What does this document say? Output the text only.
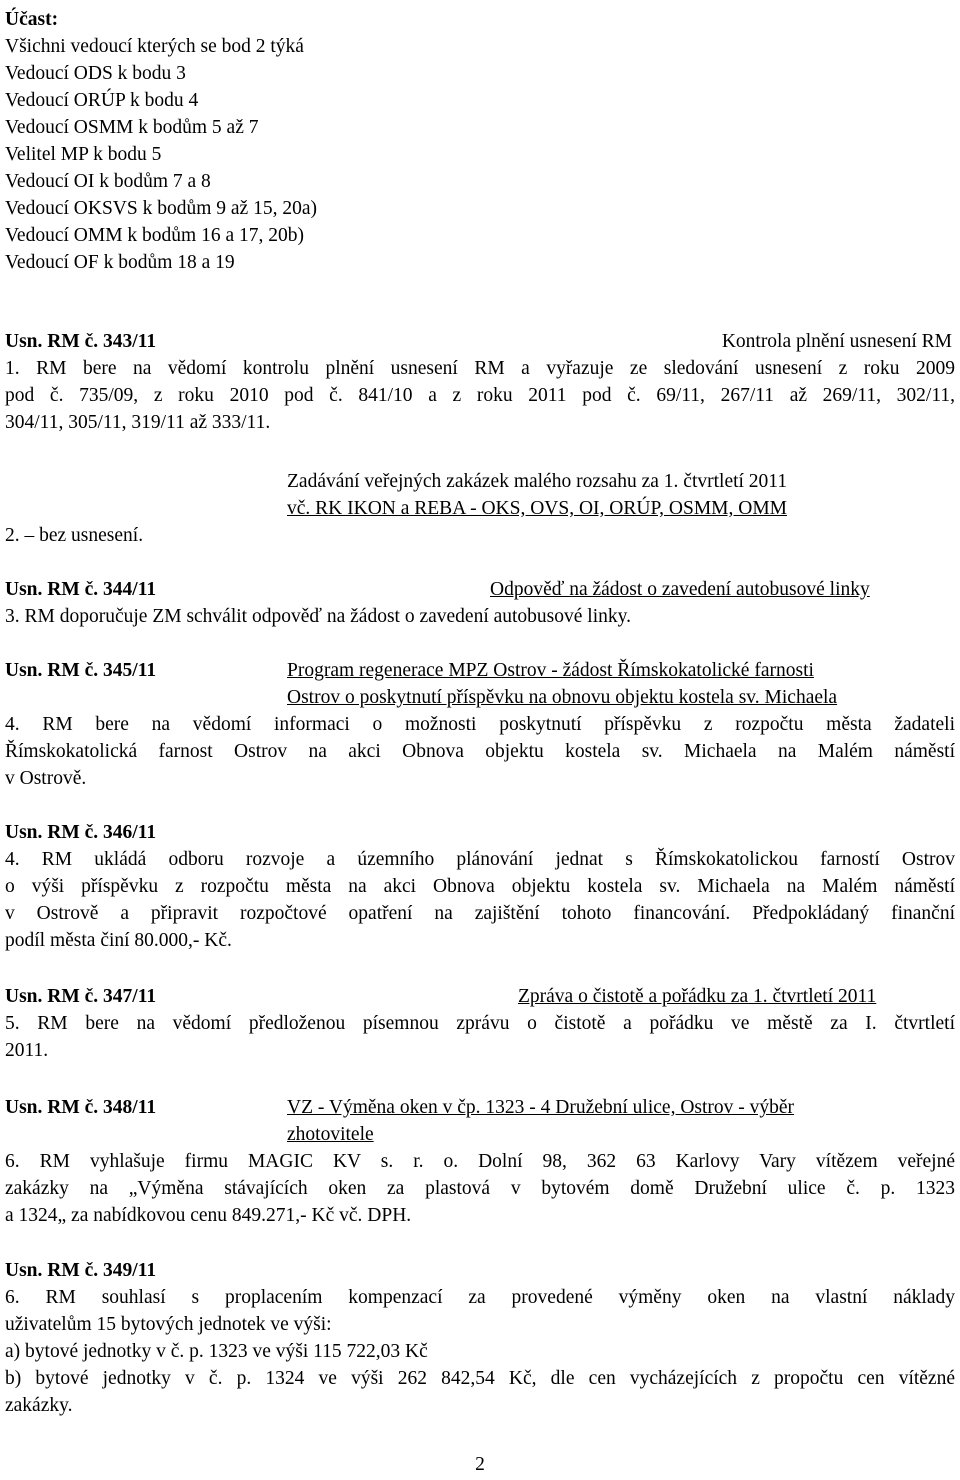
Účast:
Všichni vedoucí kterých se bod 2 týká
Vedoucí ODS k bodu 3
Vedoucí ORÚP k bodu 4
Vedoucí OSMM k bodům 5 až 7
Velitel MP k bodu 5
Vedoucí OI k bodům 7 a 8
Vedoucí OKSVS k bodům 9 až 15, 20a)
Vedoucí OMM k bodům 16 a 17, 20b)
Vedoucí OF k bodům 18 a 19
Usn. RM č. 343/11	Kontrola plnění usnesení RM
1. RM bere na vědomí kontrolu plnění usnesení RM a vyřazuje ze sledování usnesení z roku 2009
pod č. 735/09, z roku 2010 pod č. 841/10 a z roku 2011 pod č. 69/11, 267/11 až 269/11, 302/11,
304/11, 305/11, 319/11 až 333/11.
Zadávání veřejných zakázek malého rozsahu za 1. čtvrtletí 2011
vč. RK IKON a REBA - OKS, OVS, OI, ORÚP, OSMM, OMM
2. – bez usnesení.
Usn. RM č. 344/11	Odpověď na žádost o zavedení autobusové linky
3. RM doporučuje ZM schválit odpověď na žádost o zavedení autobusové linky.
Usn. RM č. 345/11	Program regenerace MPZ Ostrov - žádost Římskokatolické farnosti
Ostrov o poskytnutí příspěvku na obnovu objektu kostela sv. Michaela
4. RM bere na vědomí informaci o možnosti poskytnutí příspěvku z rozpočtu města žadateli
Římskokatolická farnost Ostrov na akci Obnova objektu kostela sv. Michaela na Malém náměstí
v Ostrově.
Usn. RM č. 346/11
4. RM ukládá odboru rozvoje a územního plánování jednat s Římskokatolickou farností Ostrov
o výši příspěvku z rozpočtu města na akci Obnova objektu kostela sv. Michaela na Malém náměstí
v Ostrově a připravit rozpočtové opatření na zajištění tohoto financování. Předpokládaný finanční
podíl města činí 80.000,- Kč.
Usn. RM č. 347/11	Zpráva o čistotě a pořádku za 1. čtvrtletí 2011
5. RM bere na vědomí předloženou písemnou zprávu o čistotě a pořádku ve městě za I. čtvrtletí
2011.
Usn. RM č. 348/11	VZ - Výměna oken v čp. 1323 - 4 Družební ulice, Ostrov - výběr
zhotovitele
6. RM vyhlašuje firmu MAGIC KV s. r. o. Dolní 98, 362 63 Karlovy Vary vítězem veřejné
zakázky na „Výměna stávajících oken za plastová v bytovém domě Družební ulice č. p. 1323
a 1324„ za nabídkovou cenu 849.271,- Kč vč. DPH.
Usn. RM č. 349/11
6. RM souhlasí s proplacením kompenzací za provedené výměny oken na vlastní náklady
uživatelům 15 bytových jednotek ve výši:
a) bytové jednotky v č. p. 1323 ve výši 115 722,03 Kč
b) bytové jednotky v č. p. 1324 ve výši 262 842,54 Kč, dle cen vycházejících z propočtu cen vítězné
zakázky.
2
